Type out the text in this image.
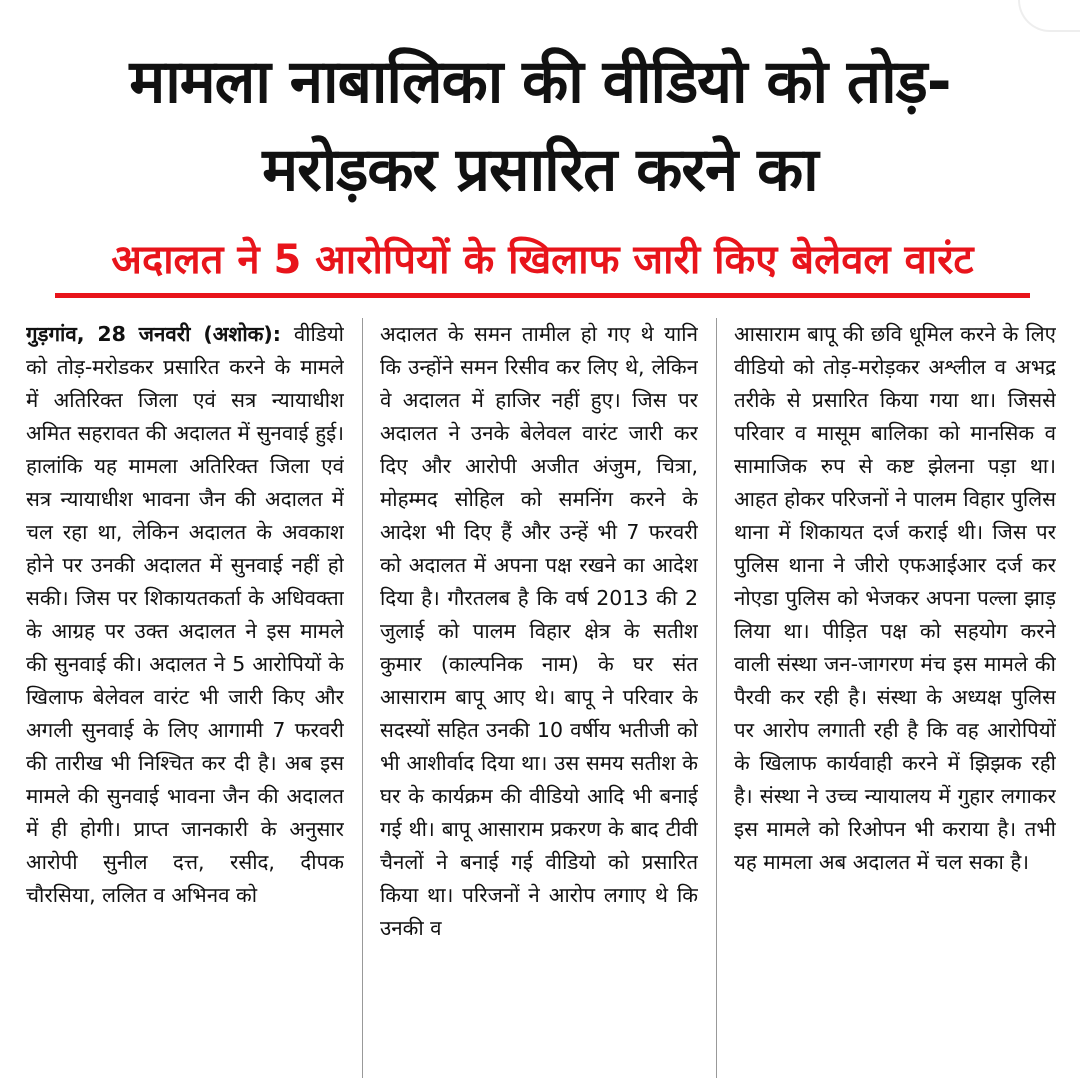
मामला नाबालिका की वीडियो को तोड़-
मरोड़कर प्रसारित करने का
अदालत ने 5 आरोपियों के खिलाफ जारी किए बेलेवल वारंट
गुड़गांव, 28 जनवरी (अशोक): वीडियो को तोड़-मरोडकर प्रसारित करने के मामले में अतिरिक्त जिला एवं सत्र न्यायाधीश अमित सहरावत की अदालत में सुनवाई हुई। हालांकि यह मामला अतिरिक्त जिला एवं सत्र न्यायाधीश भावना जैन की अदालत में चल रहा था, लेकिन अदालत के अवकाश होने पर उनकी अदालत में सुनवाई नहीं हो सकी। जिस पर शिकायतकर्ता के अधिवक्ता के आग्रह पर उक्त अदालत ने इस मामले की सुनवाई की। अदालत ने 5 आरोपियों के खिलाफ बेलेवल वारंट भी जारी किए और अगली सुनवाई के लिए आगामी 7 फरवरी की तारीख भी निश्चित कर दी है। अब इस मामले की सुनवाई भावना जैन की अदालत में ही होगी। प्राप्त जानकारी के अनुसार आरोपी सुनील दत्त, रसीद, दीपक चौरसिया, ललित व अभिनव को
अदालत के समन तामील हो गए थे यानि कि उन्होंने समन रिसीव कर लिए थे, लेकिन वे अदालत में हाजिर नहीं हुए। जिस पर अदालत ने उनके बेलेवल वारंट जारी कर दिए और आरोपी अजीत अंजुम, चित्रा, मोहम्मद सोहिल को समनिंग करने के आदेश भी दिए हैं और उन्हें भी 7 फरवरी को अदालत में अपना पक्ष रखने का आदेश दिया है। गौरतलब है कि वर्ष 2013 की 2 जुलाई को पालम विहार क्षेत्र के सतीश कुमार (काल्पनिक नाम) के घर संत आसाराम बापू आए थे। बापू ने परिवार के सदस्यों सहित उनकी 10 वर्षीय भतीजी को भी आशीर्वाद दिया था। उस समय सतीश के घर के कार्यक्रम की वीडियो आदि भी बनाई गई थी। बापू आसाराम प्रकरण के बाद टीवी चैनलों ने बनाई गई वीडियो को प्रसारित किया था। परिजनों ने आरोप लगाए थे कि उनकी व
आसाराम बापू की छवि धूमिल करने के लिए वीडियो को तोड़-मरोड़कर अश्लील व अभद्र तरीके से प्रसारित किया गया था। जिससे परिवार व मासूम बालिका को मानसिक व सामाजिक रुप से कष्ट झेलना पड़ा था। आहत होकर परिजनों ने पालम विहार पुलिस थाना में शिकायत दर्ज कराई थी। जिस पर पुलिस थाना ने जीरो एफआईआर दर्ज कर नोएडा पुलिस को भेजकर अपना पल्ला झाड़ लिया था। पीड़ित पक्ष को सहयोग करने वाली संस्था जन-जागरण मंच इस मामले की पैरवी कर रही है। संस्था के अध्यक्ष पुलिस पर आरोप लगाती रही है कि वह आरोपियों के खिलाफ कार्यवाही करने में झिझक रही है। संस्था ने उच्च न्यायालय में गुहार लगाकर इस मामले को रिओपन भी कराया है। तभी यह मामला अब अदालत में चल सका है।
